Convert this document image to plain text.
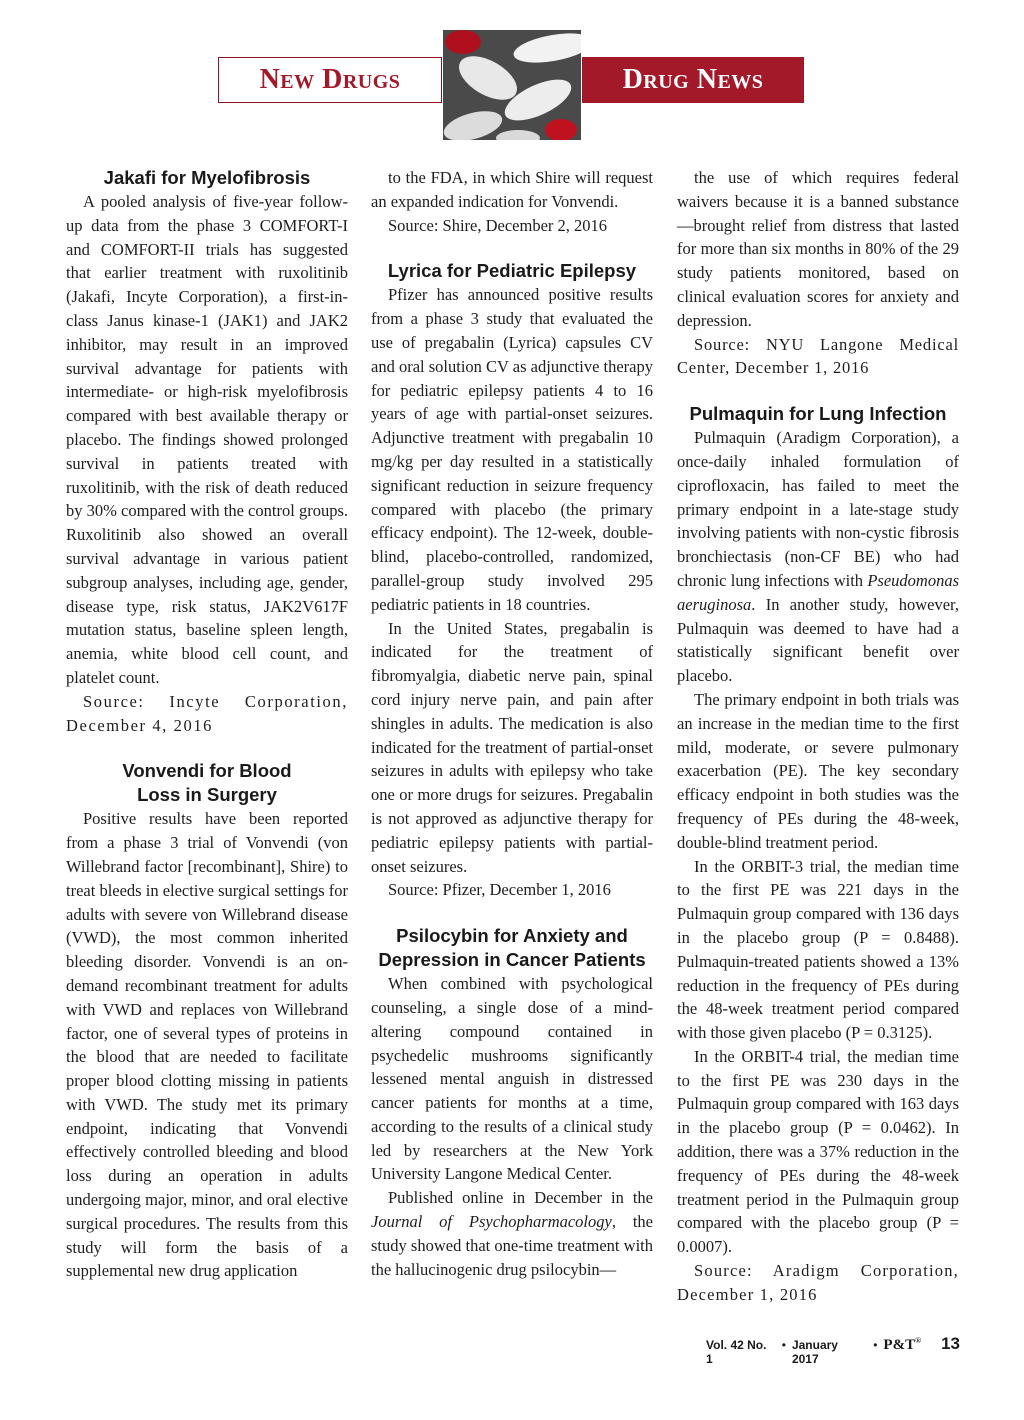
New Drugs	Drug News
Jakafi for Myelofibrosis

A pooled analysis of five-year follow-up data from the phase 3 COMFORT-I and COMFORT-II trials has suggested that earlier treatment with ruxolitinib (Jakafi, Incyte Corporation), a first-in-class Janus kinase-1 (JAK1) and JAK2 inhibitor, may result in an improved survival advantage for patients with intermediate- or high-risk myelofibrosis compared with best available therapy or placebo. The findings showed prolonged survival in patients treated with ruxolitinib, with the risk of death reduced by 30% compared with the control groups. Ruxolitinib also showed an overall survival advantage in various patient subgroup analyses, including age, gender, disease type, risk status, JAK2V617F mutation status, baseline spleen length, anemia, white blood cell count, and platelet count.

Source: Incyte Corporation, December 4, 2016

Vonvendi for Blood
Loss in Surgery

Positive results have been reported from a phase 3 trial of Vonvendi (von Willebrand factor [recombinant], Shire) to treat bleeds in elective surgical settings for adults with severe von Willebrand disease (VWD), the most common inherited bleeding disorder. Vonvendi is an on-demand recombinant treatment for adults with VWD and replaces von Willebrand factor, one of several types of proteins in the blood that are needed to facilitate proper blood clotting missing in patients with VWD. The study met its primary endpoint, indicating that Vonvendi effectively controlled bleeding and blood loss during an operation in adults undergoing major, minor, and oral elective surgical procedures. The results from this study will form the basis of a supplemental new drug application

to the FDA, in which Shire will request an expanded indication for Vonvendi.

Source: Shire, December 2, 2016

Lyrica for Pediatric Epilepsy

Pfizer has announced positive results from a phase 3 study that evaluated the use of pregabalin (Lyrica) capsules CV and oral solution CV as adjunctive therapy for pediatric epilepsy patients 4 to 16 years of age with partial-onset seizures. Adjunctive treatment with pregabalin 10 mg/kg per day resulted in a statistically significant reduction in seizure frequency compared with placebo (the primary efficacy endpoint). The 12-week, double-blind, placebo-controlled, randomized, parallel-group study involved 295 pediatric patients in 18 countries.

In the United States, pregabalin is indicated for the treatment of fibromyalgia, diabetic nerve pain, spinal cord injury nerve pain, and pain after shingles in adults. The medication is also indicated for the treatment of partial-onset seizures in adults with epilepsy who take one or more drugs for seizures. Pregabalin is not approved as adjunctive therapy for pediatric epilepsy patients with partial-onset seizures.

Source: Pfizer, December 1, 2016

Psilocybin for Anxiety and
Depression in Cancer Patients

When combined with psychological counseling, a single dose of a mind-altering compound contained in psychedelic mushrooms significantly lessened mental anguish in distressed cancer patients for months at a time, according to the results of a clinical study led by researchers at the New York University Langone Medical Center.

Published online in December in the Journal of Psychopharmacology, the study showed that one-time treatment with the hallucinogenic drug psilocybin—

the use of which requires federal waivers because it is a banned substance—brought relief from distress that lasted for more than six months in 80% of the 29 study patients monitored, based on clinical evaluation scores for anxiety and depression.

Source: NYU Langone Medical Center, December 1, 2016

Pulmaquin for Lung Infection

Pulmaquin (Aradigm Corporation), a once-daily inhaled formulation of ciprofloxacin, has failed to meet the primary endpoint in a late-stage study involving patients with non-cystic fibrosis bronchiectasis (non-CF BE) who had chronic lung infections with Pseudomonas aeruginosa. In another study, however, Pulmaquin was deemed to have had a statistically significant benefit over placebo.

The primary endpoint in both trials was an increase in the median time to the first mild, moderate, or severe pulmonary exacerbation (PE). The key secondary efficacy endpoint in both studies was the frequency of PEs during the 48-week, double-blind treatment period.

In the ORBIT-3 trial, the median time to the first PE was 221 days in the Pulmaquin group compared with 136 days in the placebo group (P = 0.8488). Pulmaquin-treated patients showed a 13% reduction in the frequency of PEs during the 48-week treatment period compared with those given placebo (P = 0.3125).

In the ORBIT-4 trial, the median time to the first PE was 230 days in the Pulmaquin group compared with 163 days in the placebo group (P = 0.0462). In addition, there was a 37% reduction in the frequency of PEs during the 48-week treatment period in the Pulmaquin group compared with the placebo group (P = 0.0007).

Source: Aradigm Corporation, December 1, 2016

Vol. 42 No. 1
• January 2017
• P&T® 13
